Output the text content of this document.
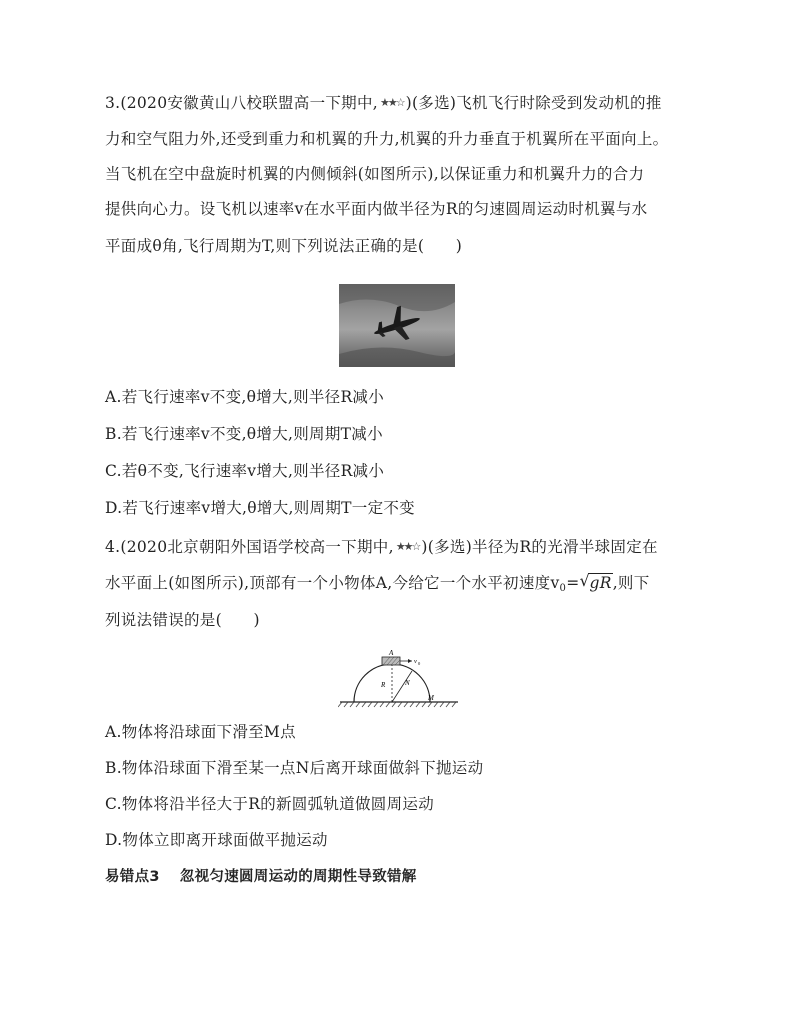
3.(2020安徽黄山八校联盟高一下期中, ★★☆ )(多选)飞机飞行时除受到发动机的推
力和空气阻力外,还受到重力和机翼的升力,机翼的升力垂直于机翼所在平面向上。
当飞机在空中盘旋时机翼的内侧倾斜(如图所示),以保证重力和机翼升力的合力
提供向心力。设飞机以速率v在水平面内做半径为R的匀速圆周运动时机翼与水
平面成θ角,飞行周期为T,则下列说法正确的是(　　)
A.若飞行速率v不变,θ增大,则半径R减小
B.若飞行速率v不变,θ增大,则周期T减小
C.若θ不变,飞行速率v增大,则半径R减小
D.若飞行速率v增大,θ增大,则周期T一定不变
4.(2020北京朝阳外国语学校高一下期中, ★★☆ )(多选)半径为R的光滑半球固定在
水平面上(如图所示),顶部有一个小物体A,今给它一个水平初速度$v_0=$ √ gR,则下
列说法错误的是(　　)
A
v 0
R	N
M
A.物体将沿球面下滑至M点
B.物体沿球面下滑至某一点N后离开球面做斜下抛运动
C.物体将沿半径大于R的新圆弧轨道做圆周运动
D.物体立即离开球面做平抛运动
易错点3 忽视匀速圆周运动的周期性导致错解
